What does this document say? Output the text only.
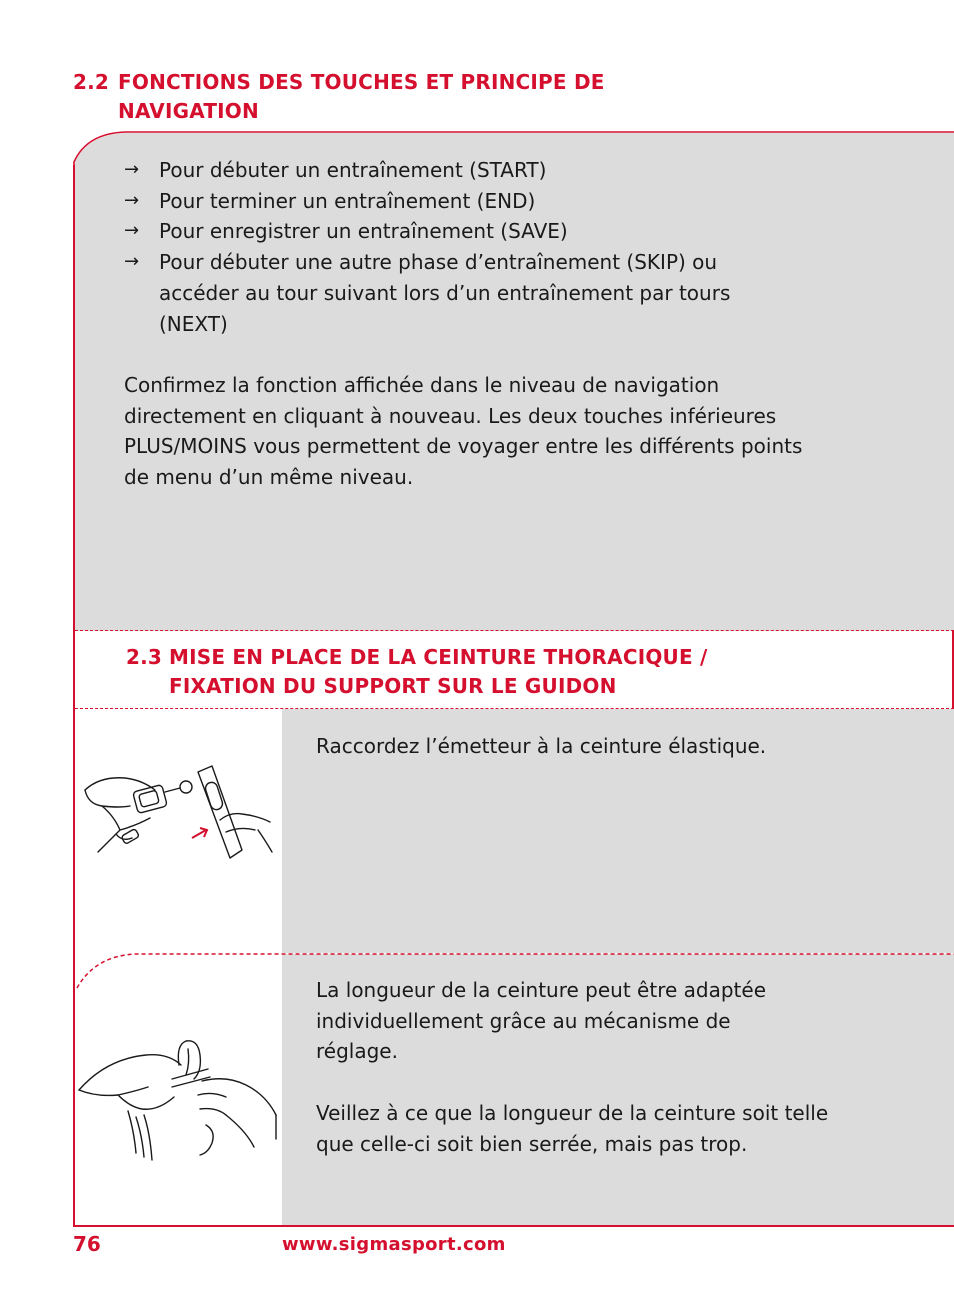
2.2 FONCTIONS DES TOUCHES ET PRINCIPE DE
NAVIGATION
→ Pour débuter un entraînement (START)
→ Pour terminer un entraînement (END)
→ Pour enregistrer un entraînement (SAVE)
→ Pour débuter une autre phase d’entraînement (SKIP) ou accéder au tour suivant lors d’un entraînement par tours (NEXT)

Confirmez la fonction affichée dans le niveau de navigation directement en cliquant à nouveau. Les deux touches inférieures PLUS/MOINS vous permettent de voyager entre les différents points de menu d’un même niveau.

2.3 MISE EN PLACE DE LA CEINTURE THORACIQUE /
FIXATION DU SUPPORT SUR LE GUIDON

Raccordez l’émetteur à la ceinture élastique.

La longueur de la ceinture peut être adaptée individuellement grâce au mécanisme de réglage.

Veillez à ce que la longueur de la ceinture soit telle que celle-ci soit bien serrée, mais pas trop.

76	www.sigmasport.com
